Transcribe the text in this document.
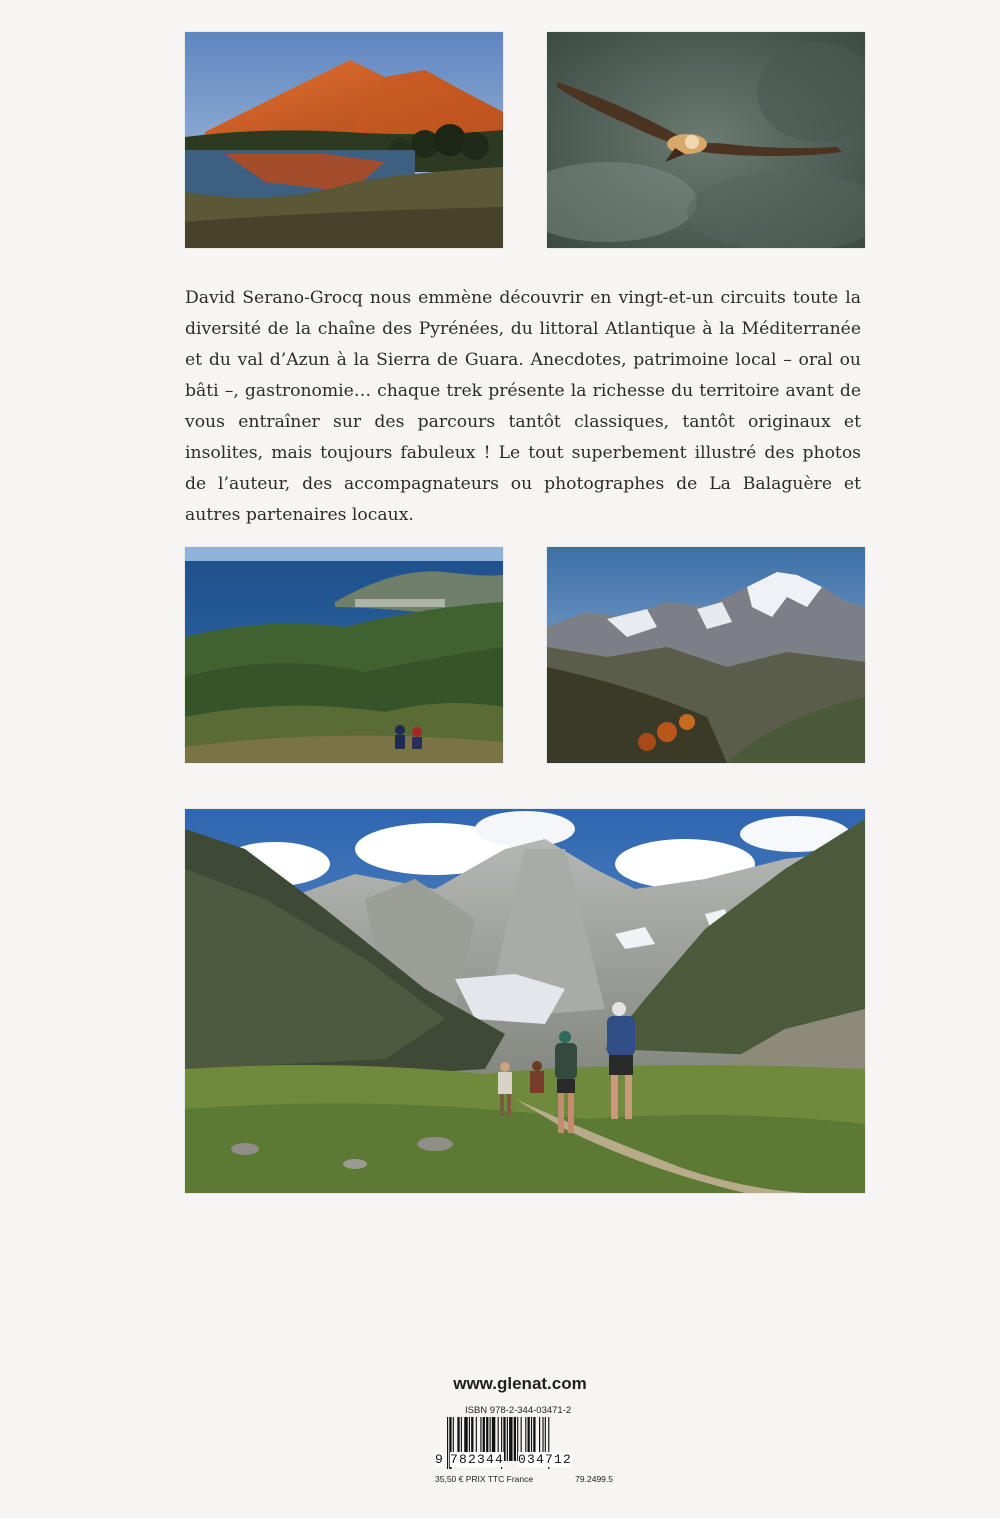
David Serano-Grocq nous emmène découvrir en vingt-et-un circuits toute la diversité de la chaîne des Pyrénées, du littoral Atlantique à la Méditerranée et du val d’Azun à la Sierra de Guara. Anecdotes, patrimoine local – oral ou bâti –, gastronomie… chaque trek présente la richesse du territoire avant de vous entraîner sur des parcours tantôt classiques, tantôt originaux et insolites, mais toujours fabuleux ! Le tout superbement illustré des photos de l’auteur, des accompagnateurs ou photographes de La Balaguère et autres partenaires locaux.

www.glenat.com
ISBN 978-2-344-03471-2
9 782344 034712
35,50 € PRIX TTC France	79.2499.5
